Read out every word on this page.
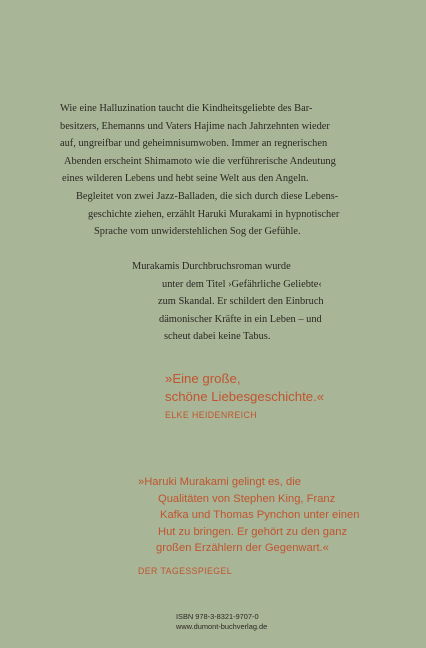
Wie eine Halluzination taucht die Kindheitsgeliebte des Bar-
besitzers, Ehemanns und Vaters Hajime nach Jahrzehnten wieder
auf, ungreifbar und geheimnisumwoben. Immer an regnerischen
Abenden erscheint Shimamoto wie die verführerische Andeutung
eines wilderen Lebens und hebt seine Welt aus den Angeln.
Begleitet von zwei Jazz-Balladen, die sich durch diese Lebens-
geschichte ziehen, erzählt Haruki Murakami in hypnotischer
Sprache vom unwiderstehlichen Sog der Gefühle.
Murakamis Durchbruchsroman wurde
unter dem Titel ›Gefährliche Geliebte‹
zum Skandal. Er schildert den Einbruch
dämonischer Kräfte in ein Leben – und
scheut dabei keine Tabus.
»Eine große,
schöne Liebesgeschichte.«
ELKE HEIDENREICH
»Haruki Murakami gelingt es, die
Qualitäten von Stephen King, Franz
Kafka und Thomas Pynchon unter einen
Hut zu bringen. Er gehört zu den ganz
großen Erzählern der Gegenwart.«
DER TAGESSPIEGEL
ISBN 978-3-8321-9707-0
www.dumont-buchverlag.de
